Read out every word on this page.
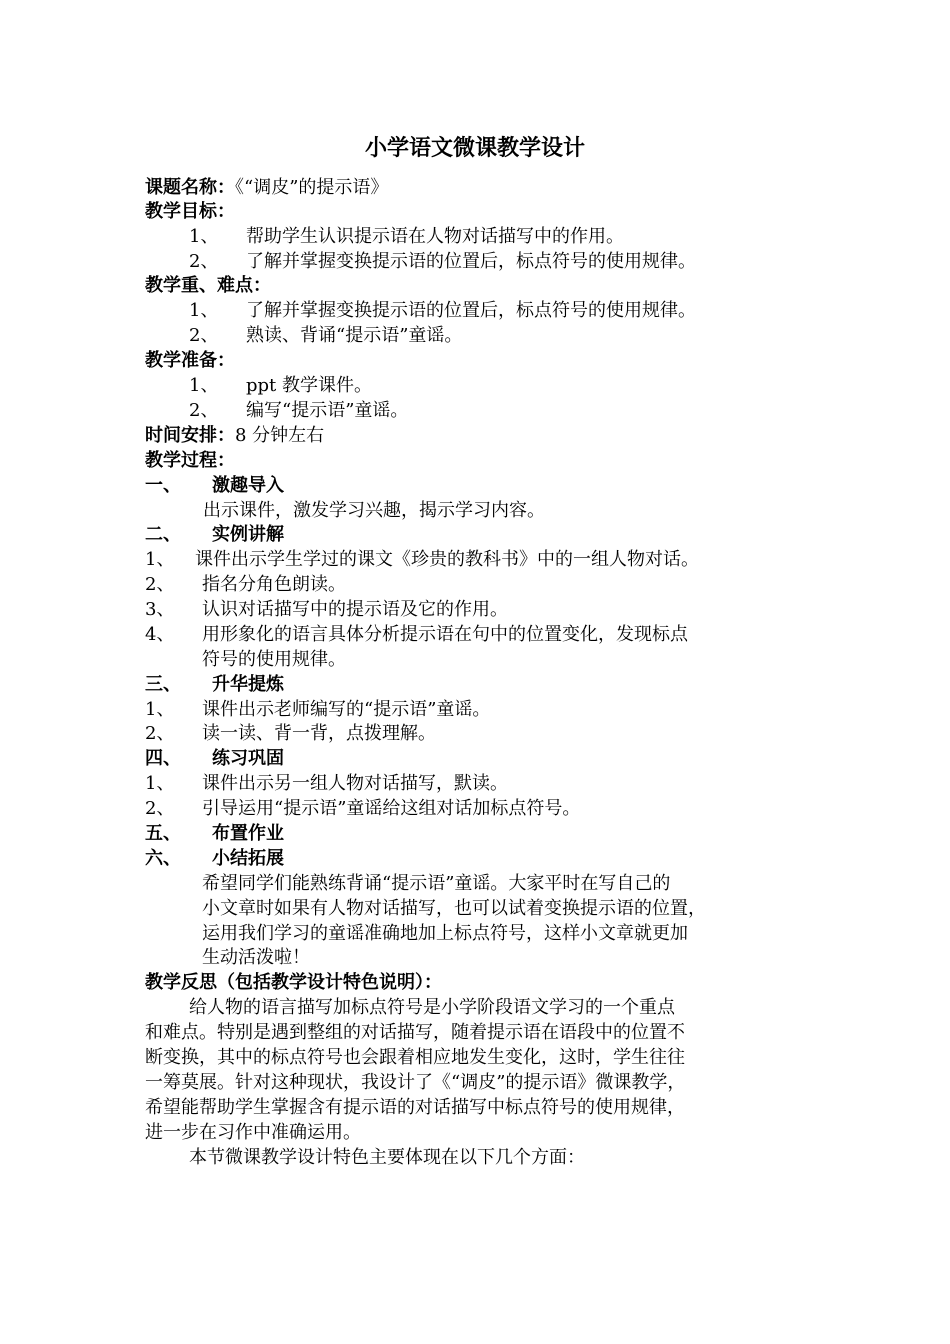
小学语文微课教学设计
课题名称：《“调皮”的提示语》
教学目标：
1、 帮助学生认识提示语在人物对话描写中的作用。
2、 了解并掌握变换提示语的位置后，标点符号的使用规律。
教学重、难点：
1、 了解并掌握变换提示语的位置后，标点符号的使用规律。
2、 熟读、背诵“提示语”童谣。
教学准备：
1、 ppt 教学课件。
2、 编写“提示语”童谣。
时间安排：8 分钟左右
教学过程：
一、 激趣导入
出示课件，激发学习兴趣，揭示学习内容。
二、 实例讲解
1、 课件出示学生学过的课文《珍贵的教科书》中的一组人物对话。
2、 指名分角色朗读。
3、 认识对话描写中的提示语及它的作用。
4、 用形象化的语言具体分析提示语在句中的位置变化，发现标点
符号的使用规律。
三、 升华提炼
1、 课件出示老师编写的“提示语”童谣。
2、 读一读、背一背，点拨理解。
四、 练习巩固
1、 课件出示另一组人物对话描写，默读。
2、 引导运用“提示语”童谣给这组对话加标点符号。
五、 布置作业
六、 小结拓展
希望同学们能熟练背诵“提示语”童谣。大家平时在写自己的
小文章时如果有人物对话描写，也可以试着变换提示语的位置，
运用我们学习的童谣准确地加上标点符号，这样小文章就更加
生动活泼啦！
教学反思（包括教学设计特色说明）：
给人物的语言描写加标点符号是小学阶段语文学习的一个重点
和难点。特别是遇到整组的对话描写，随着提示语在语段中的位置不
断变换，其中的标点符号也会跟着相应地发生变化，这时，学生往往
一筹莫展。针对这种现状，我设计了《“调皮”的提示语》微课教学，
希望能帮助学生掌握含有提示语的对话描写中标点符号的使用规律，
进一步在习作中准确运用。
本节微课教学设计特色主要体现在以下几个方面：
